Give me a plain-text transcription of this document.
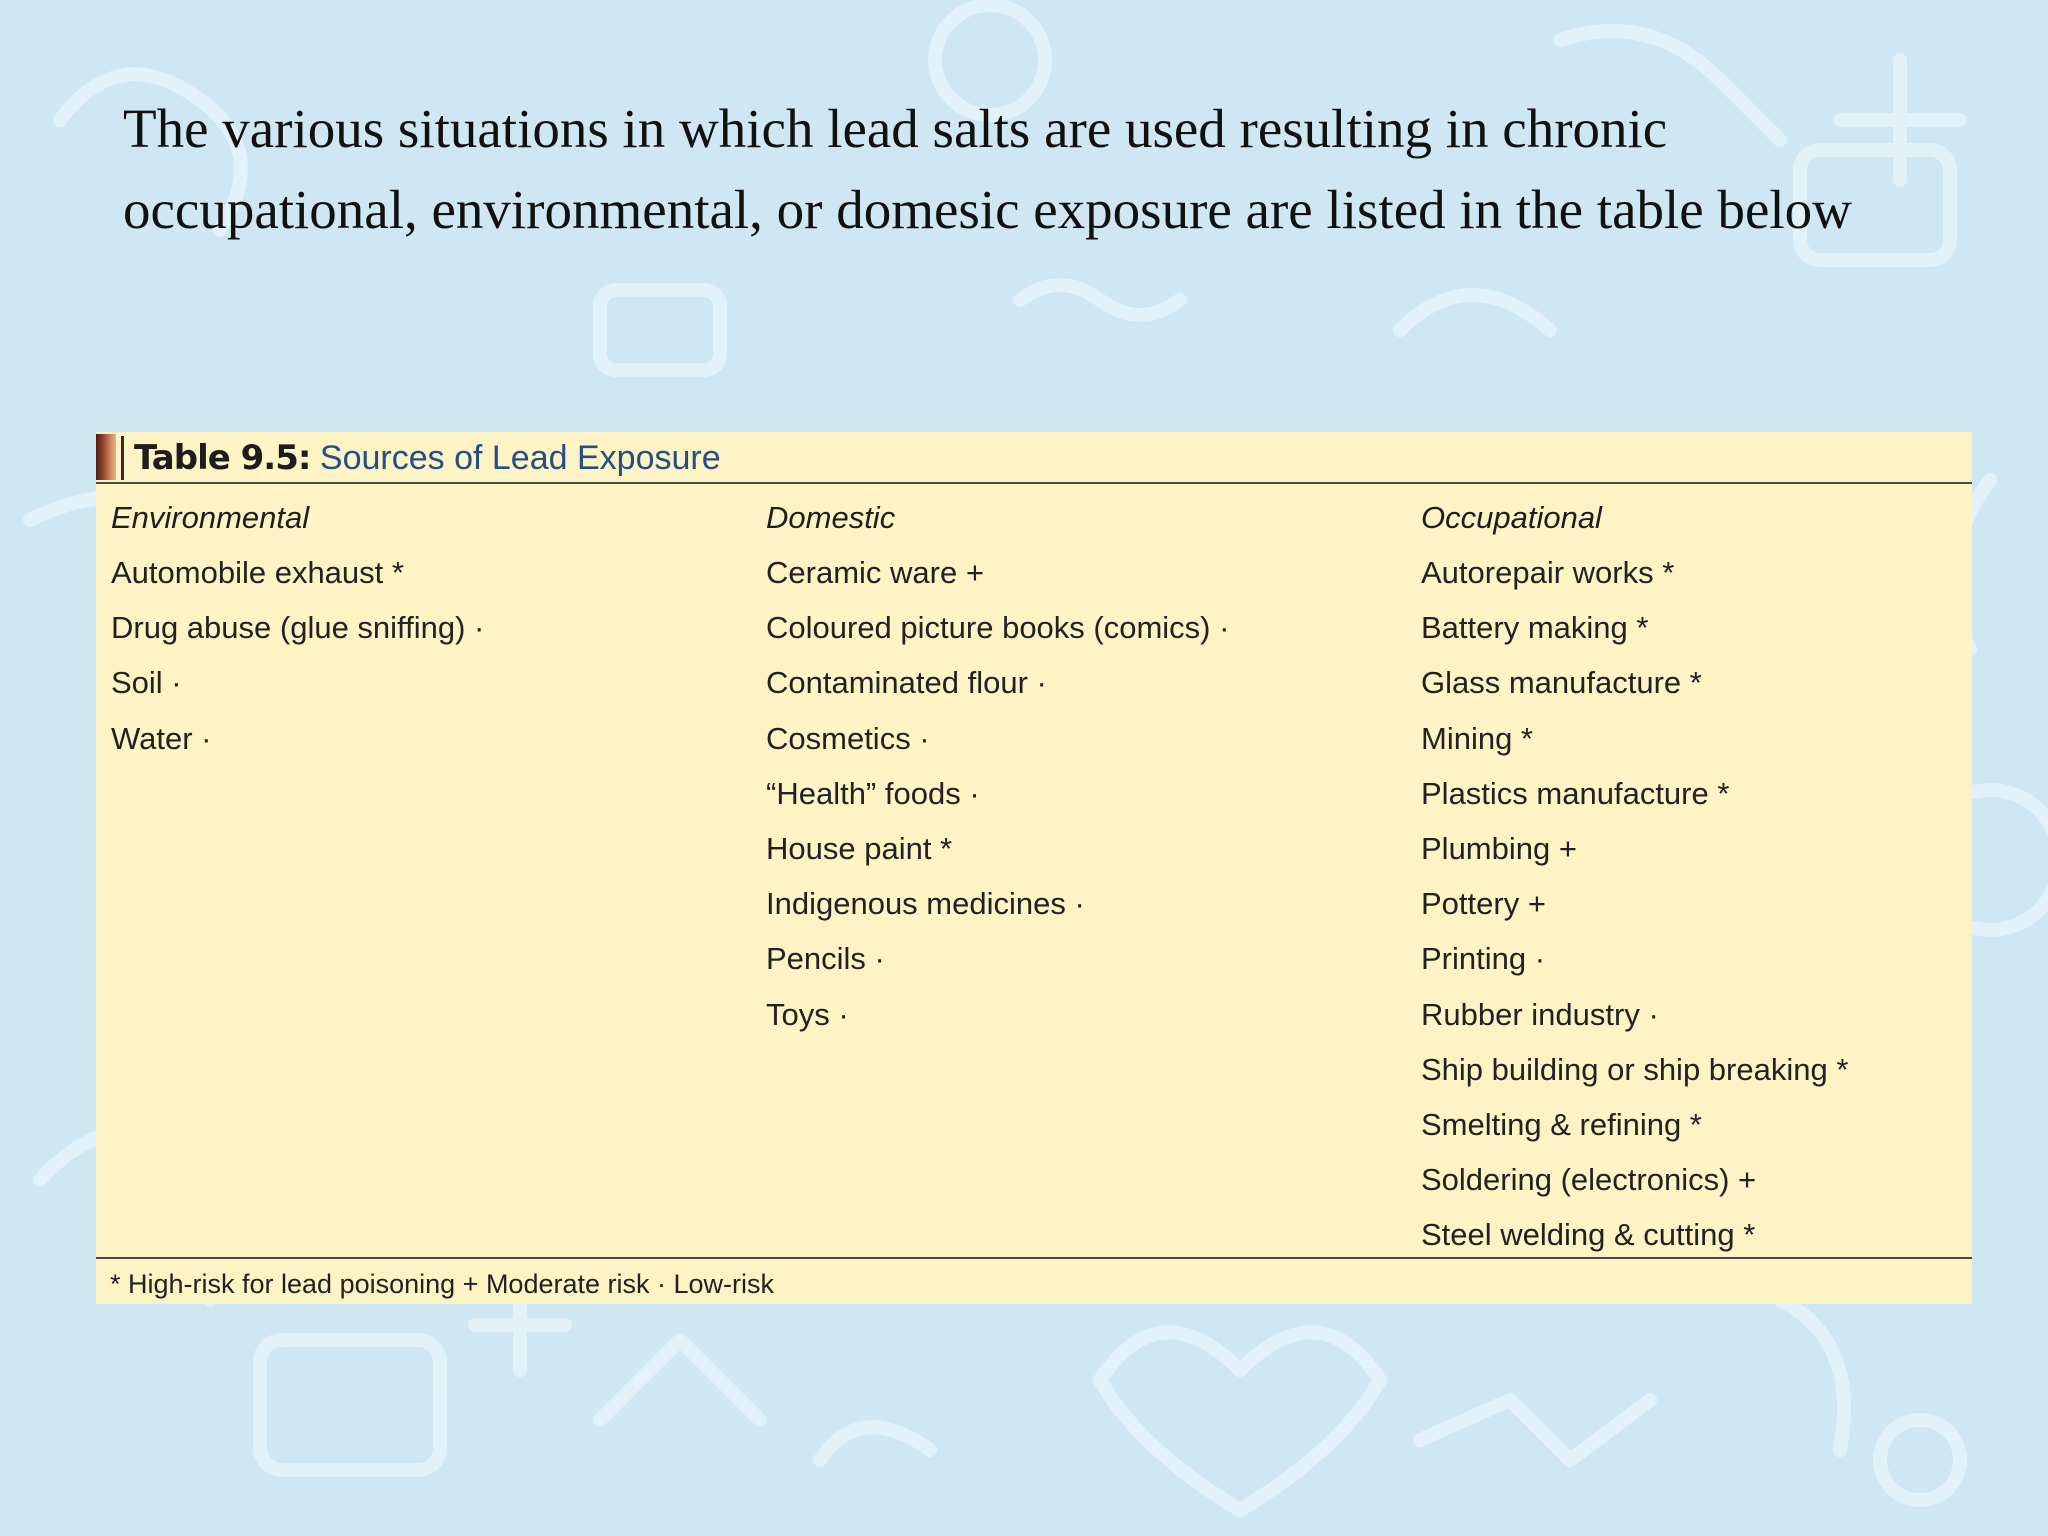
The various situations in which lead salts are used resulting in chronic occupational, environmental, or domesic exposure are listed in the table below

Table 9.5: Sources of Lead Exposure
Environmental
Automobile exhaust *
Drug abuse (glue sniffing) ·
Soil ·
Water ·
Domestic
Ceramic ware +
Coloured picture books (comics) ·
Contaminated flour ·
Cosmetics ·
“Health” foods ·
House paint *
Indigenous medicines ·
Pencils ·
Toys ·
Occupational
Autorepair works *
Battery making *
Glass manufacture *
Mining *
Plastics manufacture *
Plumbing +
Pottery +
Printing ·
Rubber industry ·
Ship building or ship breaking *
Smelting & refining *
Soldering (electronics) +
Steel welding & cutting *
* High-risk for lead poisoning + Moderate risk · Low-risk
